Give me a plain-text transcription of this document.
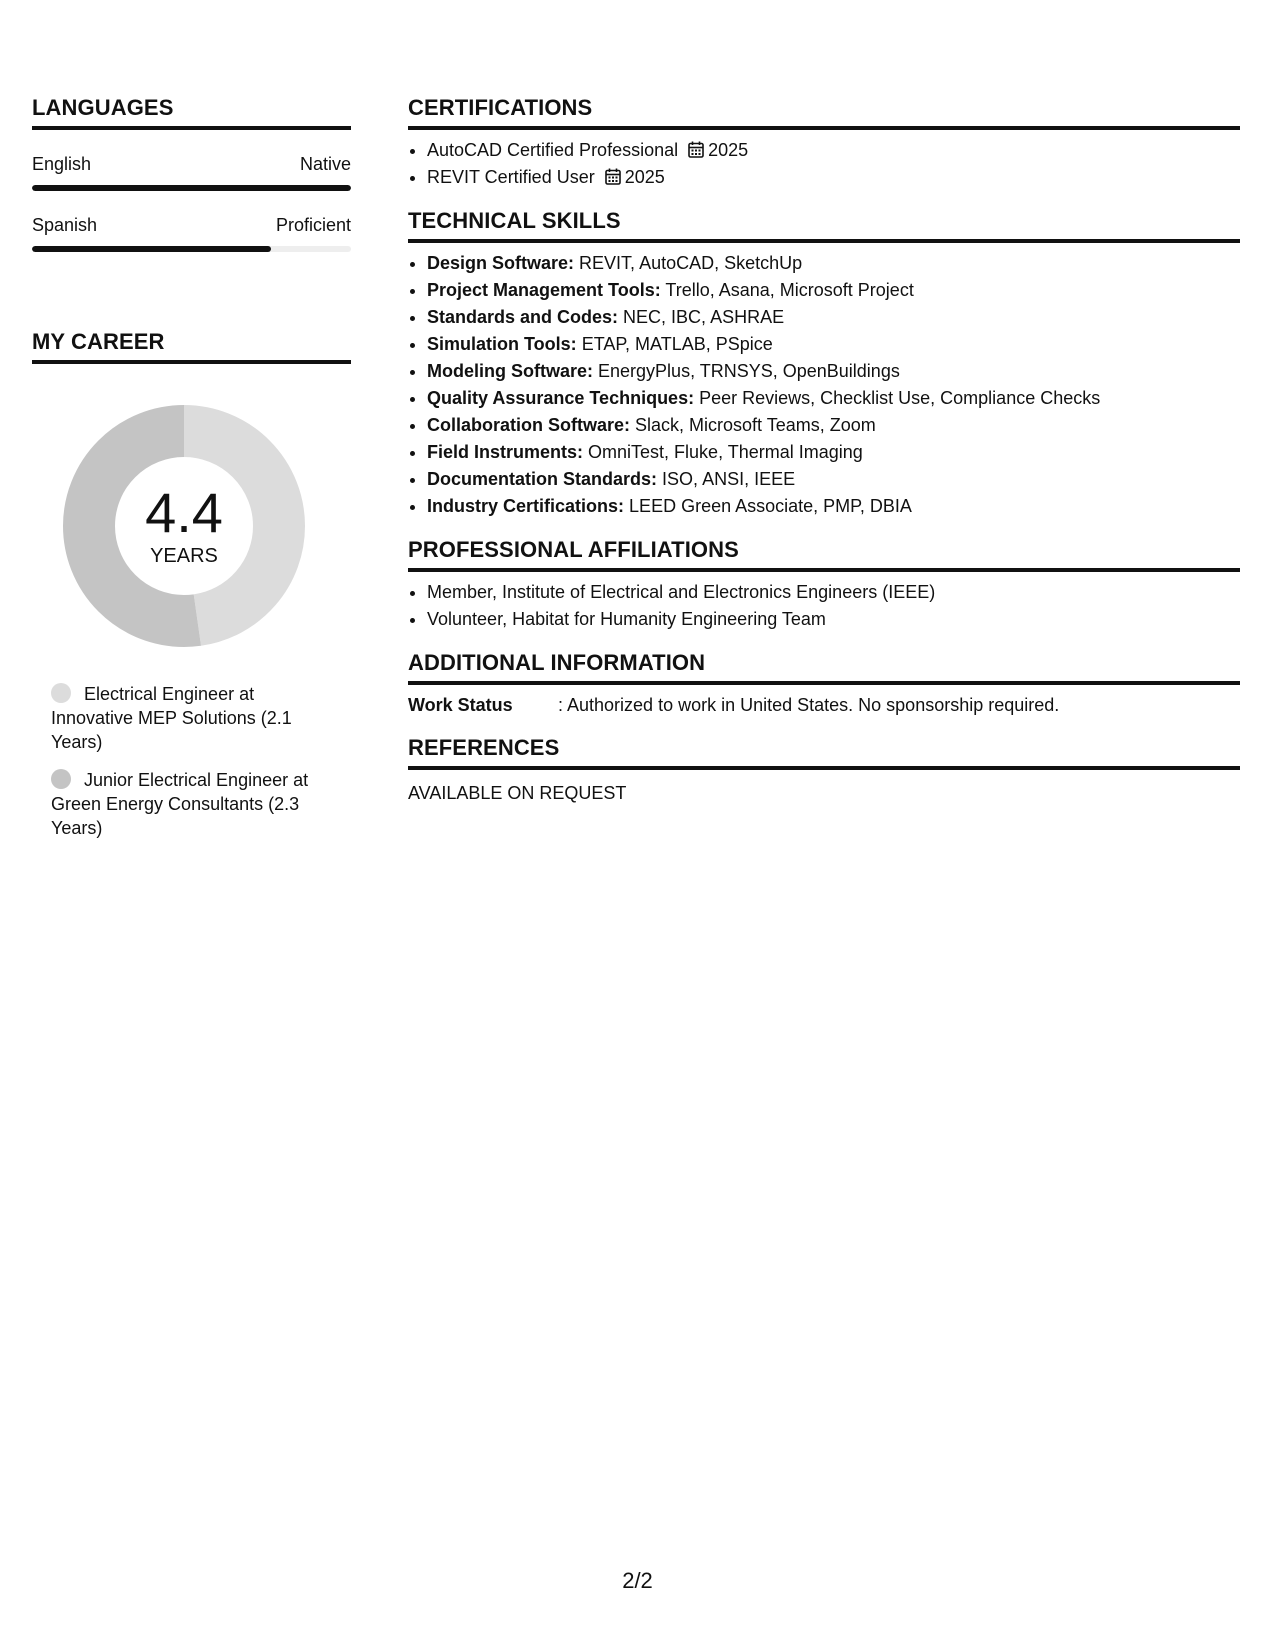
LANGUAGES
English	Native
Spanish	Proficient
MY CAREER
4.4
YEARS
Electrical Engineer at Innovative MEP Solutions (2.1 Years)
Junior Electrical Engineer at Green Energy Consultants (2.3 Years)
CERTIFICATIONS
• AutoCAD Certified Professional 2025
• REVIT Certified User 2025
TECHNICAL SKILLS
• Design Software: REVIT, AutoCAD, SketchUp
• Project Management Tools: Trello, Asana, Microsoft Project
• Standards and Codes: NEC, IBC, ASHRAE
• Simulation Tools: ETAP, MATLAB, PSpice
• Modeling Software: EnergyPlus, TRNSYS, OpenBuildings
• Quality Assurance Techniques: Peer Reviews, Checklist Use, Compliance Checks
• Collaboration Software: Slack, Microsoft Teams, Zoom
• Field Instruments: OmniTest, Fluke, Thermal Imaging
• Documentation Standards: ISO, ANSI, IEEE
• Industry Certifications: LEED Green Associate, PMP, DBIA
PROFESSIONAL AFFILIATIONS
• Member, Institute of Electrical and Electronics Engineers (IEEE)
• Volunteer, Habitat for Humanity Engineering Team
ADDITIONAL INFORMATION
Work Status	: Authorized to work in United States. No sponsorship required.
REFERENCES
AVAILABLE ON REQUEST
2/2
